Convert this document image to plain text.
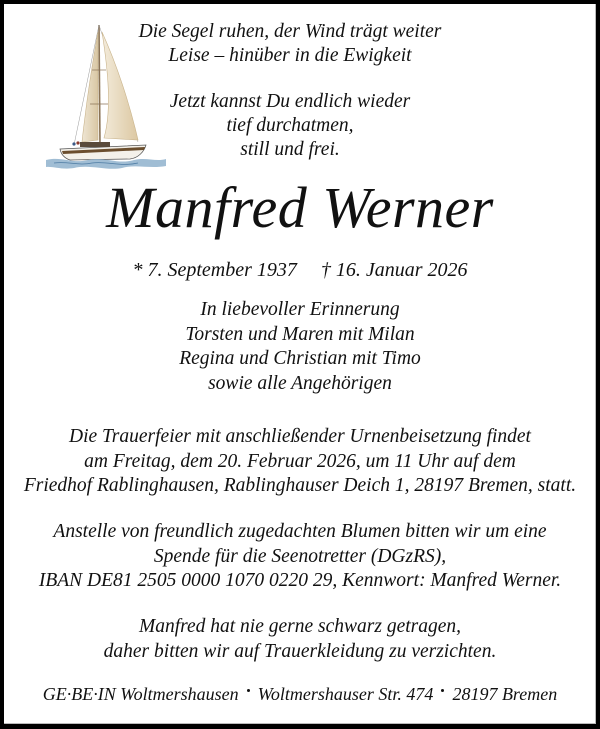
Die Segel ruhen, der Wind trägt weiter
Leise – hinüber in die Ewigkeit
Jetzt kannst Du endlich wieder
tief durchatmen,
still und frei.
Manfred Werner
* 7. September 1937 † 16. Januar 2026
In liebevoller Erinnerung
Torsten und Maren mit Milan
Regina und Christian mit Timo
sowie alle Angehörigen
Die Trauerfeier mit anschließender Urnenbeisetzung findet
am Freitag, dem 20. Februar 2026, um 11 Uhr auf dem
Friedhof Rablinghausen, Rablinghauser Deich 1, 28197 Bremen, statt.
Anstelle von freundlich zugedachten Blumen bitten wir um eine
Spende für die Seenotretter (DGzRS),
IBAN DE81 2505 0000 1070 0220 29, Kennwort: Manfred Werner.
Manfred hat nie gerne schwarz getragen,
daher bitten wir auf Trauerkleidung zu verzichten.
GE·BE·IN Woltmershausen Woltmershauser Str. 474 28197 Bremen
